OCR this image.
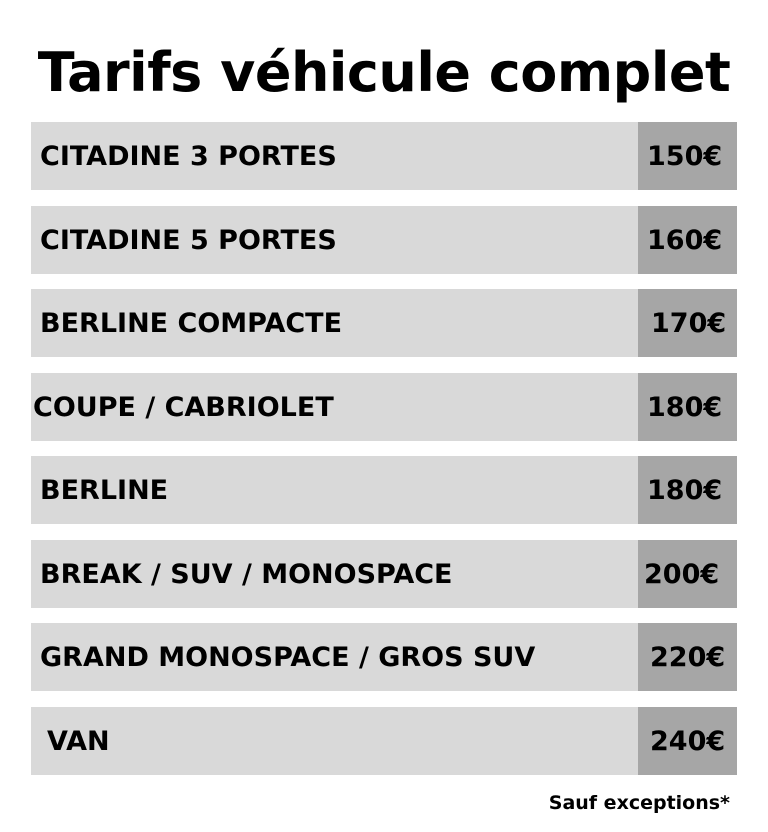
Tarifs véhicule complet
CITADINE 3 PORTES	150€
CITADINE 5 PORTES	160€
BERLINE COMPACTE	170€
COUPE / CABRIOLET	180€
BERLINE	180€
BREAK / SUV / MONOSPACE	200€
GRAND MONOSPACE / GROS SUV	220€
VAN	240€
Sauf exceptions*
